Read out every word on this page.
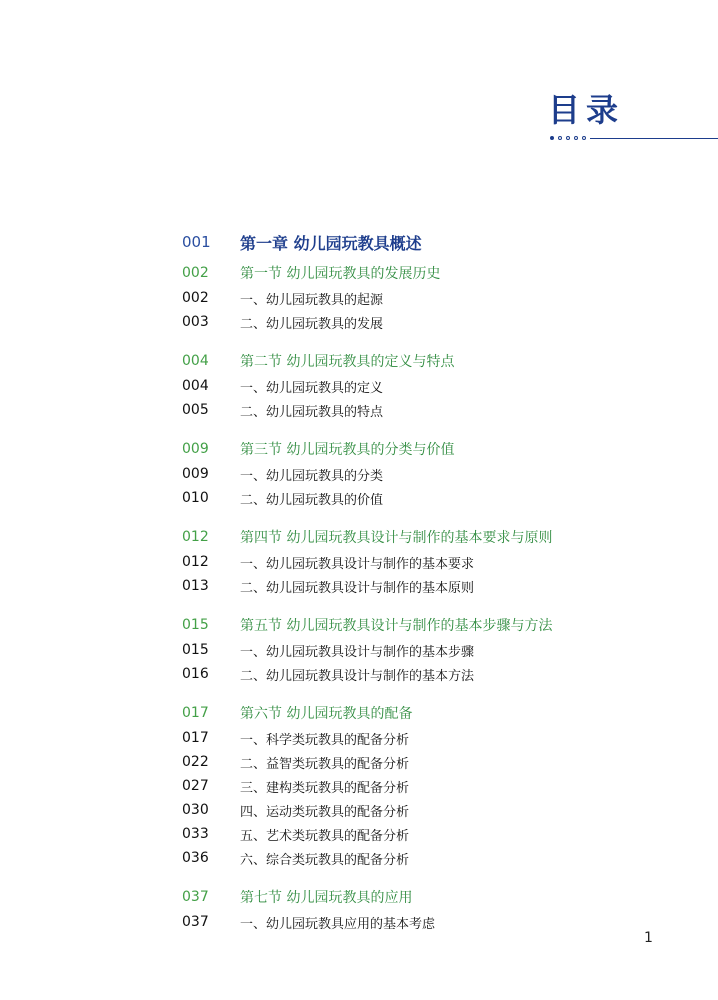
目录
001	第一章 幼儿园玩教具概述
002	第一节 幼儿园玩教具的发展历史
002	一、幼儿园玩教具的起源
003	二、幼儿园玩教具的发展
004	第二节 幼儿园玩教具的定义与特点
004	一、幼儿园玩教具的定义
005	二、幼儿园玩教具的特点
009	第三节 幼儿园玩教具的分类与价值
009	一、幼儿园玩教具的分类
010	二、幼儿园玩教具的价值
012	第四节 幼儿园玩教具设计与制作的基本要求与原则
012	一、幼儿园玩教具设计与制作的基本要求
013	二、幼儿园玩教具设计与制作的基本原则
015	第五节 幼儿园玩教具设计与制作的基本步骤与方法
015	一、幼儿园玩教具设计与制作的基本步骤
016	二、幼儿园玩教具设计与制作的基本方法
017	第六节 幼儿园玩教具的配备
017	一、科学类玩教具的配备分析
022	二、益智类玩教具的配备分析
027	三、建构类玩教具的配备分析
030	四、运动类玩教具的配备分析
033	五、艺术类玩教具的配备分析
036	六、综合类玩教具的配备分析
037	第七节 幼儿园玩教具的应用
037	一、幼儿园玩教具应用的基本考虑
1
